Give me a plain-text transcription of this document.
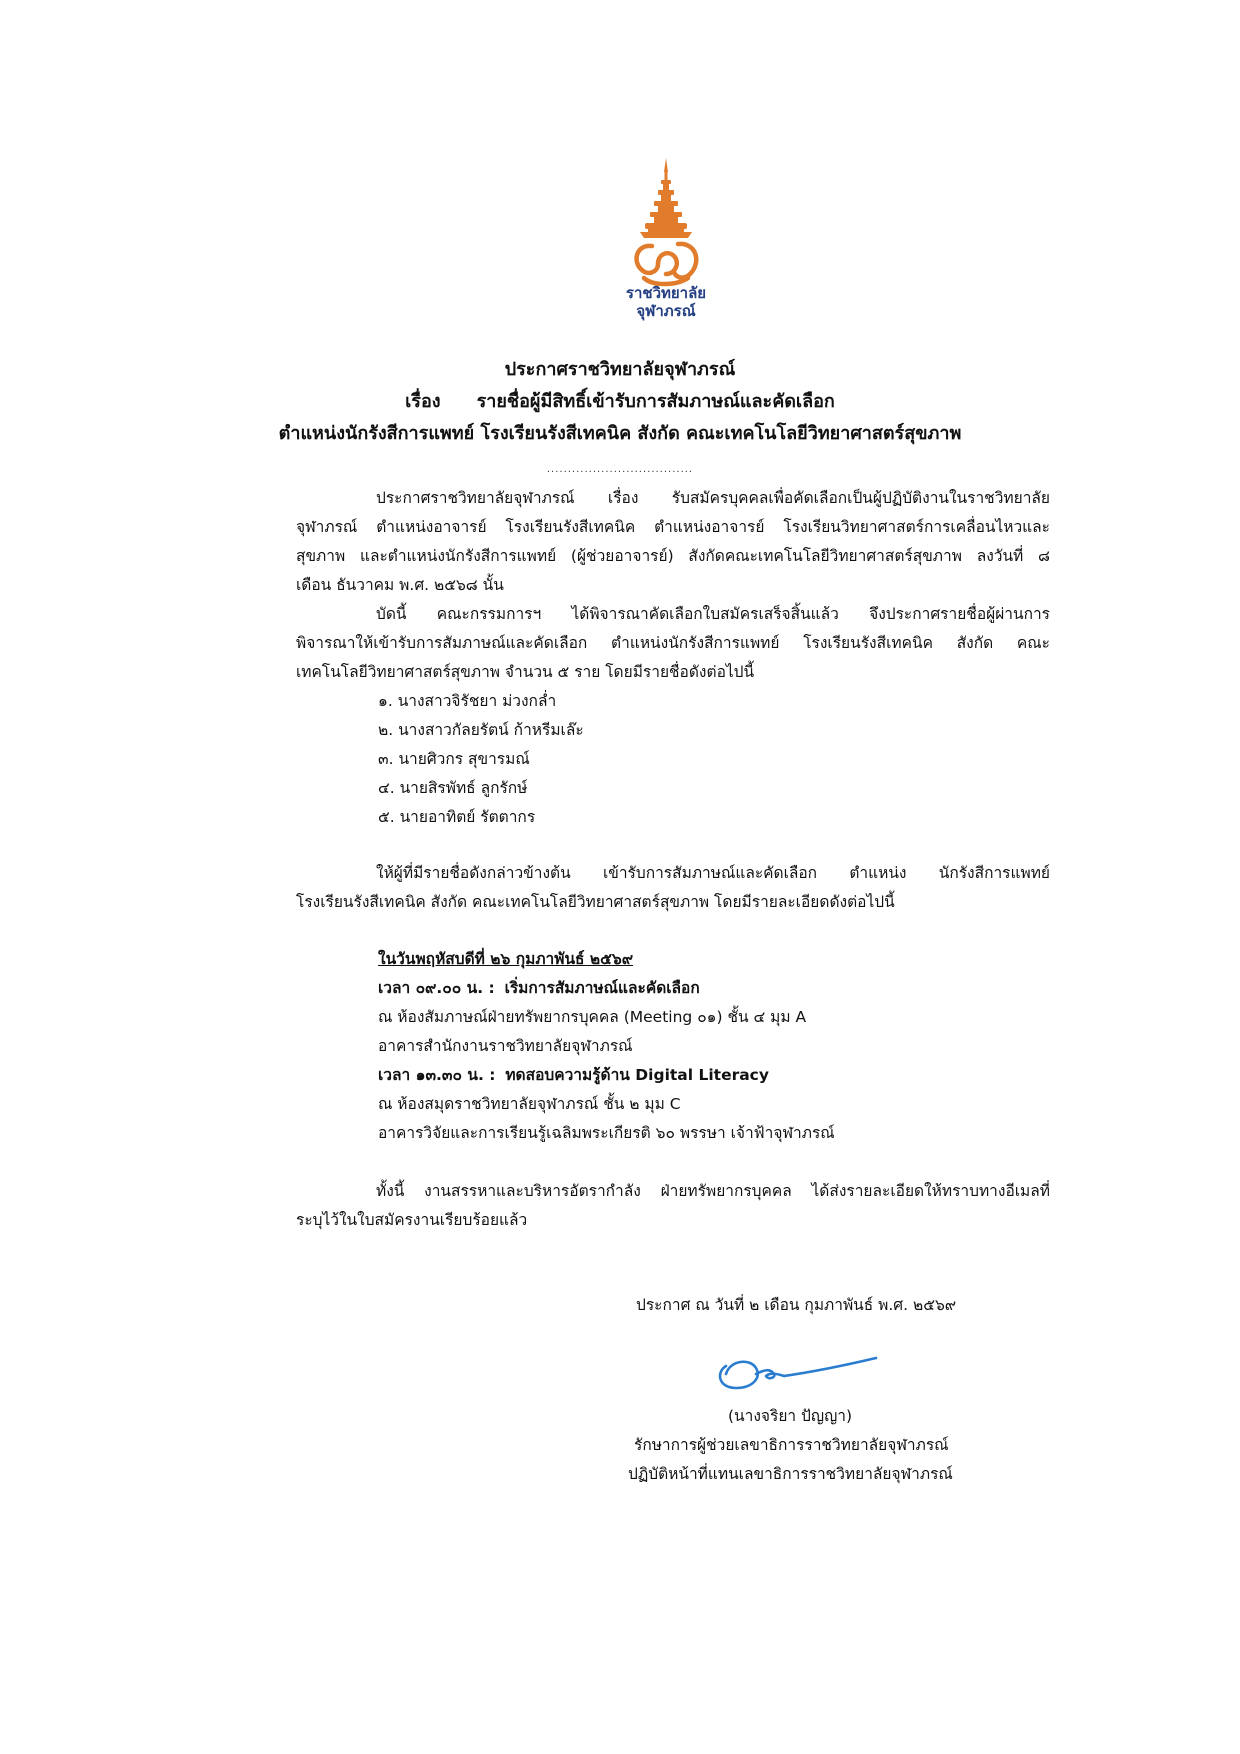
ราชวิทยาลัย
จุฬาภรณ์
ประกาศราชวิทยาลัยจุฬาภรณ์
เรื่อง รายชื่อผู้มีสิทธิ์เข้ารับการสัมภาษณ์และคัดเลือก
ตำแหน่งนักรังสีการแพทย์ โรงเรียนรังสีเทคนิค สังกัด คณะเทคโนโลยีวิทยาศาสตร์สุขภาพ
...................................
ประกาศราชวิทยาลัยจุฬาภรณ์ เรื่อง รับสมัครบุคคลเพื่อคัดเลือกเป็นผู้ปฏิบัติงานในราชวิทยาลัย
จุฬาภรณ์ ตำแหน่งอาจารย์ โรงเรียนรังสีเทคนิค ตำแหน่งอาจารย์ โรงเรียนวิทยาศาสตร์การเคลื่อนไหวและ
สุขภาพ และตำแหน่งนักรังสีการแพทย์ (ผู้ช่วยอาจารย์) สังกัดคณะเทคโนโลยีวิทยาศาสตร์สุขภาพ ลงวันที่ ๘
เดือน ธันวาคม พ.ศ. ๒๕๖๘ นั้น
บัดนี้ คณะกรรมการฯ ได้พิจารณาคัดเลือกใบสมัครเสร็จสิ้นแล้ว จึงประกาศรายชื่อผู้ผ่านการ
พิจารณาให้เข้ารับการสัมภาษณ์และคัดเลือก ตำแหน่งนักรังสีการแพทย์ โรงเรียนรังสีเทคนิค สังกัด คณะ
เทคโนโลยีวิทยาศาสตร์สุขภาพ จำนวน ๕ ราย โดยมีรายชื่อดังต่อไปนี้
๑. นางสาวจิรัชยา ม่วงกล่ำ
๒. นางสาวกัลยรัตน์ ก้าหรีมเล๊ะ
๓. นายศิวกร สุขารมณ์
๔. นายสิรพัทธ์ ลูกรักษ์
๕. นายอาทิตย์ รัตตากร
ให้ผู้ที่มีรายชื่อดังกล่าวข้างต้น เข้ารับการสัมภาษณ์และคัดเลือก ตำแหน่ง นักรังสีการแพทย์
โรงเรียนรังสีเทคนิค สังกัด คณะเทคโนโลยีวิทยาศาสตร์สุขภาพ โดยมีรายละเอียดดังต่อไปนี้
ในวันพฤหัสบดีที่ ๒๖ กุมภาพันธ์ ๒๕๖๙
เวลา ๐๙.๐๐ น. : เริ่มการสัมภาษณ์และคัดเลือก
ณ ห้องสัมภาษณ์ฝ่ายทรัพยากรบุคคล (Meeting ๐๑) ชั้น ๔ มุม A
อาคารสำนักงานราชวิทยาลัยจุฬาภรณ์
เวลา ๑๓.๓๐ น. : ทดสอบความรู้ด้าน Digital Literacy
ณ ห้องสมุดราชวิทยาลัยจุฬาภรณ์ ชั้น ๒ มุม C
อาคารวิจัยและการเรียนรู้เฉลิมพระเกียรติ ๖๐ พรรษา เจ้าฟ้าจุฬาภรณ์
ทั้งนี้ งานสรรหาและบริหารอัตรากำลัง ฝ่ายทรัพยากรบุคคล ได้ส่งรายละเอียดให้ทราบทางอีเมลที่
ระบุไว้ในใบสมัครงานเรียบร้อยแล้ว
ประกาศ ณ วันที่ ๒ เดือน กุมภาพันธ์ พ.ศ. ๒๕๖๙
(นางจริยา ปัญญา)
รักษาการผู้ช่วยเลขาธิการราชวิทยาลัยจุฬาภรณ์
ปฏิบัติหน้าที่แทนเลขาธิการราชวิทยาลัยจุฬาภรณ์
